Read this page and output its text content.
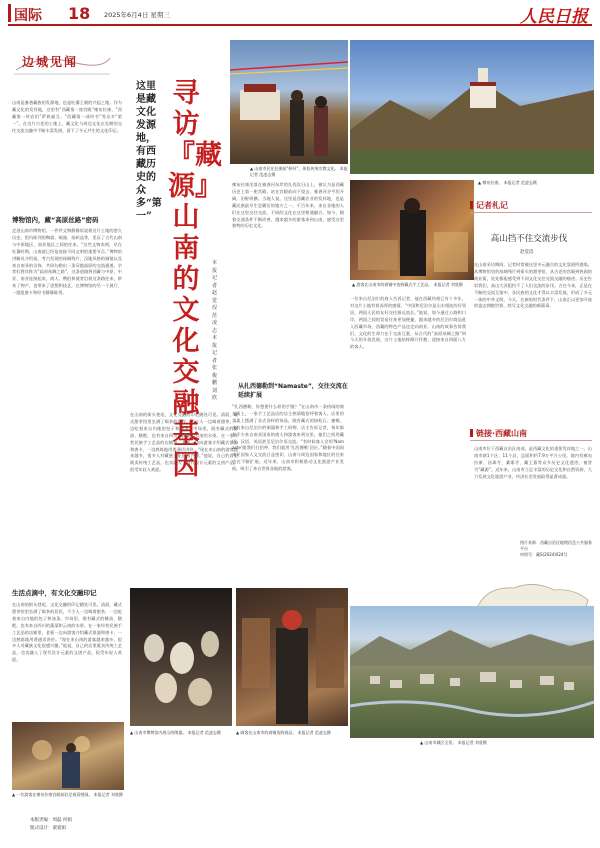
国际 18 2025年6月4日 星期三	人民日报
边城见闻
山南是雅砻藏族的发源地，也是吐蕃王朝的兴起之地。作为藏文化的发祥地，这里有“西藏第一座宫殿”雍布拉康、“西藏第一块农田”萨热索当、“西藏第一部经书”等众多“第一”。在这片古老的土地上，藏文化与周边文化在长期的交往交流交融中不断丰富发展，留下了多元共生的文化印记。
博物馆内，藏“高原丝路”密码
走进山南市博物馆，一件件文物静静诉说着这片土地的悠久历史。馆内陈列的陶器、铜器、丝织品等，见证了古代山南与中原地区、南亚地区之间的往来。“这些文物表明，早在吐蕃时期，山南就已经是连接不同文明的重要节点。”博物馆讲解员介绍说，考古发现的丝绸残片、汉地风格的铜镜以及来自南亚的贝饰，共同勾勒出一条穿越高原的交流通道。学者们将其称为“高原丝绸之路”，这条道路将西藏与中原、中亚、南亚连接起来，商人、僧侣和使者沿着这条路往来，带来了物产，也带来了思想和技艺。在博物馆的另一个展厅，一组组唐卡和经书静静陈列。
生活点滴中，有文化交融印记
在山南的街头巷尾，文化交融的印记随处可见。清晨，藏式甜茶馆里坐满了喝茶的居民，不少人一边喝着甜茶，一边吃着来自内地的包子和油条。市场里，既有藏式的酥油、糌粑，也有来自四川的蔬菜和云南的水果。在一家经营民族手工艺品的店铺里，老板一边向游客介绍藏式银器和唐卡，一边熟练地用普通话讲价。“现在来山南的游客越来越多，很多人对藏族文化很感兴趣。”他说，自己的店里既卖传统工艺品，也卖融入了现代设计元素的文创产品，很受年轻人欢迎。
▲ 一位游客在雍布拉康宫殿前驻足观看壁画。 本报记者 刘欣摄
本版责编：周磊 何娟
版式设计：蒙爱娟
这里是藏文化发源地，有西藏历史的众多“第一”
寻访『藏源』山南的文化交融基因
本报记者 赵觉珵 范凌志 本报记者 张俊鹏 刘欣
在山南的街头巷尾，文化交融的印记随处可见。清晨，藏式甜茶馆里坐满了喝茶的居民，不少人一边喝着甜茶，一边吃着来自内地的包子和油条。市场里，既有藏式的酥油、糌粑，也有来自四川的蔬菜和云南的水果。在一家经营民族手工艺品的店铺里，老板一边向游客介绍藏式银器和唐卡，一边熟练地用普通话讲价。“现在来山南的游客越来越多，很多人对藏族文化很感兴趣。”他说，自己的店里既卖传统工艺品，也卖融入了现代设计元素的文创产品，很受年轻人欢迎。
▲ 山南市民在拉康前“转经”，体验传统宗教文化。 本报记者 范凌志摄
雍布拉康坐落在雅砻河东岸的扎西次日山上，被认为是西藏历史上第一座宫殿。站在宫殿前向下望去，雅砻河谷平坦开阔，田野纵横。当地人说，这里是西藏农业的发祥地，也是藏民族最早生息繁衍的地方之一。千百年来，来自各地的人们在这里交往交流，不同的文化在这里相遇融合。如今，随着交通条件不断改善，越来越多的游客来到山南，感受这里独特的历史文化。
从扎西德勒到“Namaste”，交往交流在延续扩展
“扎西德勒，你想要什么样的手链？”在山南市一条热闹的商业街上，一家手工艺品店的店主热情地招呼着客人。店里的货架上摆满了各式各样的饰品，既有藏式的绿松石、蜜蜡，也有来自尼泊尔的铜器和手工织物。店主告诉记者，每年都有不少来自南亚国家的商人和游客来到这里，他们之间用藏语、汉语、英语甚至尼泊尔语交流。“有时候客人会用‘Namaste’跟我们打招呼，我们就用‘扎西德勒’回应。”随着中国同南亚国家人文交流日益密切，山南与周边国家和地区的往来也在不断扩展。近年来，山南市积极推动文化旅游产业发展，吸引了来自世界各地的游客。
▲ 游客在山南市的商铺中选购藏式手工艺品。 本报记者 刘欣摄
一位来自尼泊尔的商人告诉记者，他在西藏经商已有十多年，对这片土地有着深厚的感情。“中国和尼泊尔是山水相连的好邻居，两国人民的友好交往源远流长。”他说，如今通过公路和口岸，两国之间的贸易往来更加便捷，越来越多的尼泊尔商品进入西藏市场，西藏的特色产品也走向南亚。山南的故事告诉我们，文化的生命力在于交流互鉴。从古代的“高原丝绸之路”到今天的开放发展，这片土地始终敞开怀抱，迎接来自四面八方的客人。
▲ 雍布拉康。 本报记者 范凌志摄
记者札记
高山挡不住交流步伐
赵觉珵
在山南采访期间，记者时常被这里多元融合的文化氛围所感染。从博物馆里的丝绸残片到街头的甜茶馆，从古老的宫殿到热闹的商业街，处处都能感受到不同文化交往交流交融的痕迹。历史告诉我们，高山大河阻挡不了人们交流的步伐。古往今来，正是在不断的交流互鉴中，各民族的文化才得以丰富发展，形成了多元一体的中华文明。今天，在新的时代条件下，山南正以更加开放的姿态拥抱世界，续写文化交融的新篇章。
链接·西藏山南
山南市位于西藏自治区南部，是西藏文化的重要发祥地之一。山南市辖1个区、11个县，总面积约7.9万平方公里。境内有雍布拉康、昌珠寺、桑耶寺、藏王墓等众多历史文化遗迹，被誉为“藏源”。近年来，山南市立足丰富的历史文化和自然资源，大力发展文化旅游产业，经济社会发展取得显著成就。
图片来源：西藏自治区地理信息公共服务平台
审图号：藏S(2024)024号
▲ 山南市博物馆内展示的陶器。 本报记者 范凌志摄	▲ 顾客在山南市的商铺选购商品。 本报记者 范凌志摄
▲ 山南市城区全景。 本报记者 刘欣摄
